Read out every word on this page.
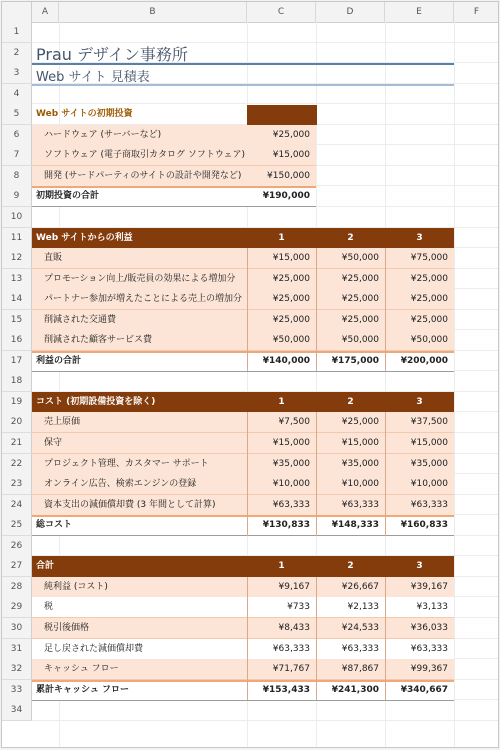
A	B	C	D	E	F
Prau デザイン事務所
Web サイト 見積表
Web サイトの初期投資
ハードウェア (サーバーなど)	¥25,000
ソフトウェア (電子商取引カタログ ソフトウェア)	¥15,000
開発 (サードパーティのサイトの設計や開発など)	¥150,000
初期投資の合計	¥190,000
Web サイトからの利益	1	2	3
直販	¥15,000	¥50,000	¥75,000
プロモーション向上/販売員の効果による増加分	¥25,000	¥25,000	¥25,000
パートナー参加が増えたことによる売上の増加分	¥25,000	¥25,000	¥25,000
削減された交通費	¥25,000	¥25,000	¥25,000
削減された顧客サービス費	¥50,000	¥50,000	¥50,000
利益の合計	¥140,000	¥175,000	¥200,000
コスト (初期設備投資を除く)	1	2	3
売上原価	¥7,500	¥25,000	¥37,500
保守	¥15,000	¥15,000	¥15,000
プロジェクト管理、カスタマー サポート	¥35,000	¥35,000	¥35,000
オンライン広告、検索エンジンの登録	¥10,000	¥10,000	¥10,000
資本支出の減価償却費 (3 年間として計算)	¥63,333	¥63,333	¥63,333
総コスト	¥130,833	¥148,333	¥160,833
合計	1	2	3
純利益 (コスト)	¥9,167	¥26,667	¥39,167
税	¥733	¥2,133	¥3,133
税引後価格	¥8,433	¥24,533	¥36,033
足し戻された減価償却費	¥63,333	¥63,333	¥63,333
キャッシュ フロー	¥71,767	¥87,867	¥99,367
累計キャッシュ フロー	¥153,433	¥241,300	¥340,667
1
2
3
4
5
6
7
8
9
10
11
12
13
14
15
16
17
18
19
20
21
22
23
24
25
26
27
28
29
30
31
32
33
34
